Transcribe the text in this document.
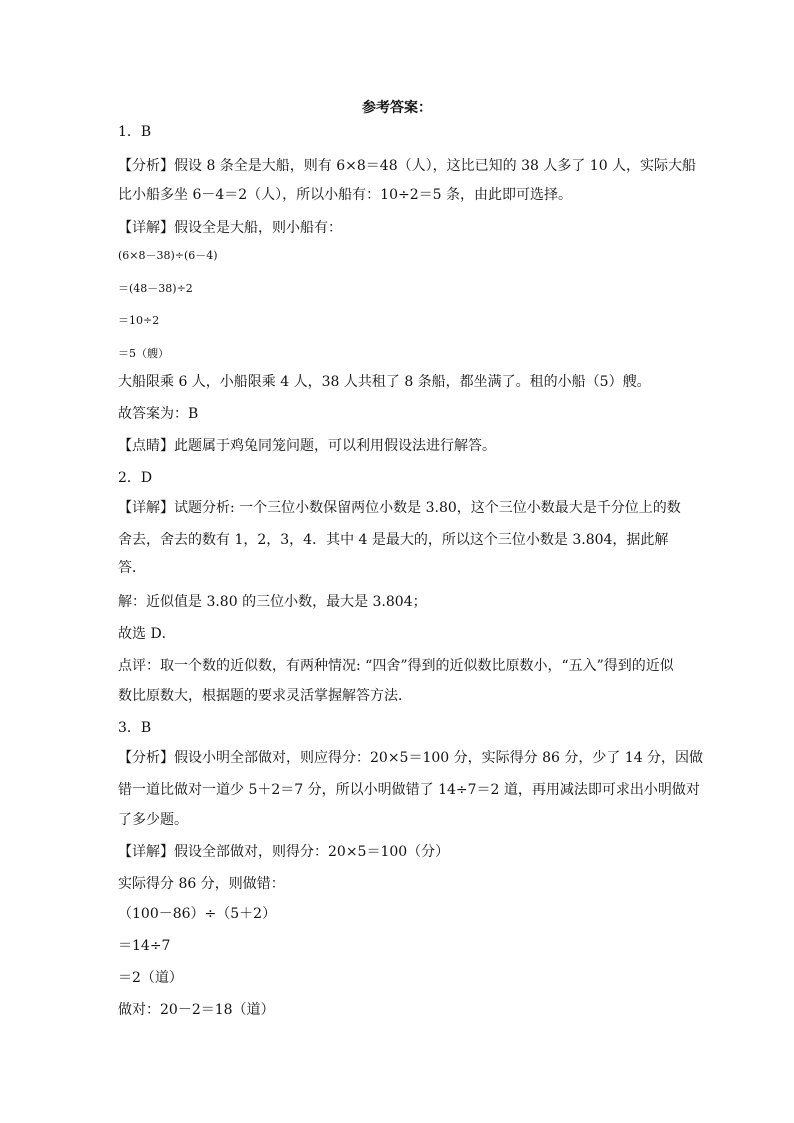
参考答案：
1．B
【分析】假设 8 条全是大船，则有 6×8＝48（人），这比已知的 38 人多了 10 人，实际大船
比小船多坐 6－4＝2（人），所以小船有：10÷2＝5 条，由此即可选择。
【详解】假设全是大船，则小船有：
(6×8－38)÷(6－4)
＝(48－38)÷2
＝10÷2
＝5（艘）
大船限乘 6 人，小船限乘 4 人，38 人共租了 8 条船，都坐满了。租的小船（5）艘。
故答案为：B
【点睛】此题属于鸡兔同笼问题，可以利用假设法进行解答。
2．D
【详解】试题分析: 一个三位小数保留两位小数是 3.80，这个三位小数最大是千分位上的数
舍去，舍去的数有 1，2，3，4．其中 4 是最大的，所以这个三位小数是 3.804，据此解
答．
解：近似值是 3.80 的三位小数，最大是 3.804；
故选 D．
点评：取一个数的近似数，有两种情况: “四舍”得到的近似数比原数小，“五入”得到的近似
数比原数大，根据题的要求灵活掌握解答方法．
3．B
【分析】假设小明全部做对，则应得分：20×5＝100 分，实际得分 86 分，少了 14 分，因做
错一道比做对一道少 5＋2＝7 分，所以小明做错了 14÷7＝2 道，再用减法即可求出小明做对
了多少题。
【详解】假设全部做对，则得分：20×5＝100（分）
实际得分 86 分，则做错：
（100－86）÷（5＋2）
＝14÷7
＝2（道）
做对：20－2＝18（道）
